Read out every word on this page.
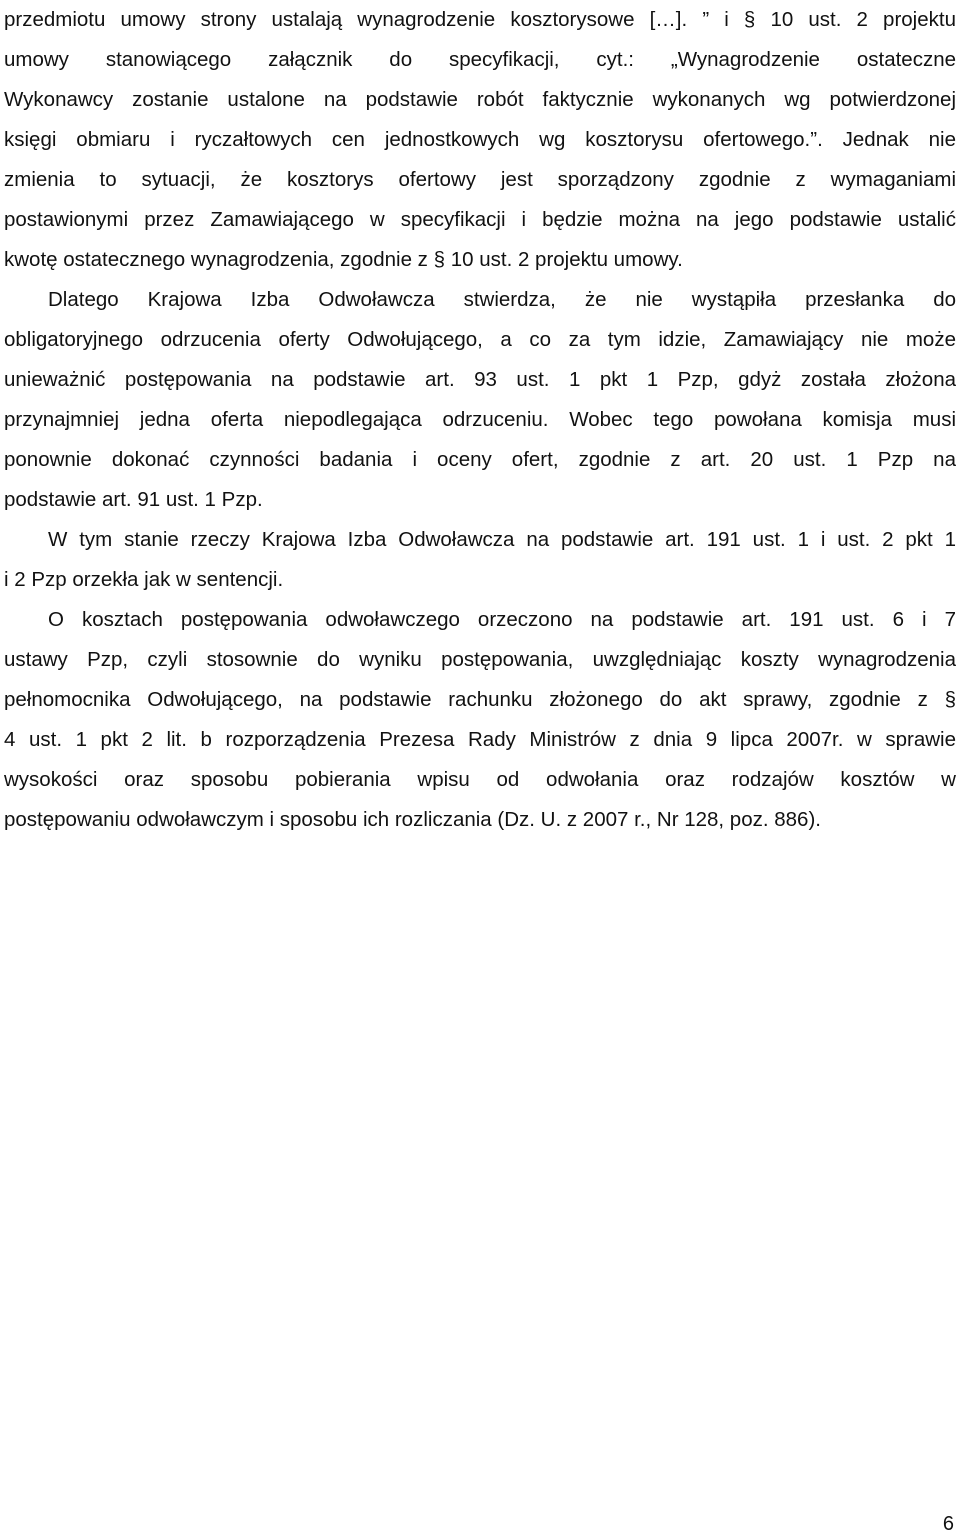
przedmiotu umowy strony ustalają wynagrodzenie kosztorysowe […]. ” i § 10 ust. 2 projektu
umowy stanowiącego załącznik do specyfikacji, cyt.: „Wynagrodzenie ostateczne
Wykonawcy zostanie ustalone na podstawie robót faktycznie wykonanych wg potwierdzonej
księgi obmiaru i ryczałtowych cen jednostkowych wg kosztorysu ofertowego.”. Jednak nie
zmienia to sytuacji, że kosztorys ofertowy jest sporządzony zgodnie z wymaganiami
postawionymi przez Zamawiającego w specyfikacji i będzie można na jego podstawie ustalić
kwotę ostatecznego wynagrodzenia, zgodnie z § 10 ust. 2 projektu umowy.
Dlatego Krajowa Izba Odwoławcza stwierdza, że nie wystąpiła przesłanka do
obligatoryjnego odrzucenia oferty Odwołującego, a co za tym idzie, Zamawiający nie może
unieważnić postępowania na podstawie art. 93 ust. 1 pkt 1 Pzp, gdyż została złożona
przynajmniej jedna oferta niepodlegająca odrzuceniu. Wobec tego powołana komisja musi
ponownie dokonać czynności badania i oceny ofert, zgodnie z art. 20 ust. 1 Pzp na
podstawie art. 91 ust. 1 Pzp.
W tym stanie rzeczy Krajowa Izba Odwoławcza na podstawie art. 191 ust. 1 i ust. 2 pkt 1
i 2 Pzp orzekła jak w sentencji.
O kosztach postępowania odwoławczego orzeczono na podstawie art. 191 ust. 6 i 7
ustawy Pzp, czyli stosownie do wyniku postępowania, uwzględniając koszty wynagrodzenia
pełnomocnika Odwołującego, na podstawie rachunku złożonego do akt sprawy, zgodnie z §
4 ust. 1 pkt 2 lit. b rozporządzenia Prezesa Rady Ministrów z dnia 9 lipca 2007r. w sprawie
wysokości oraz sposobu pobierania wpisu od odwołania oraz rodzajów kosztów w
postępowaniu odwoławczym i sposobu ich rozliczania (Dz. U. z 2007 r., Nr 128, poz. 886).
6
